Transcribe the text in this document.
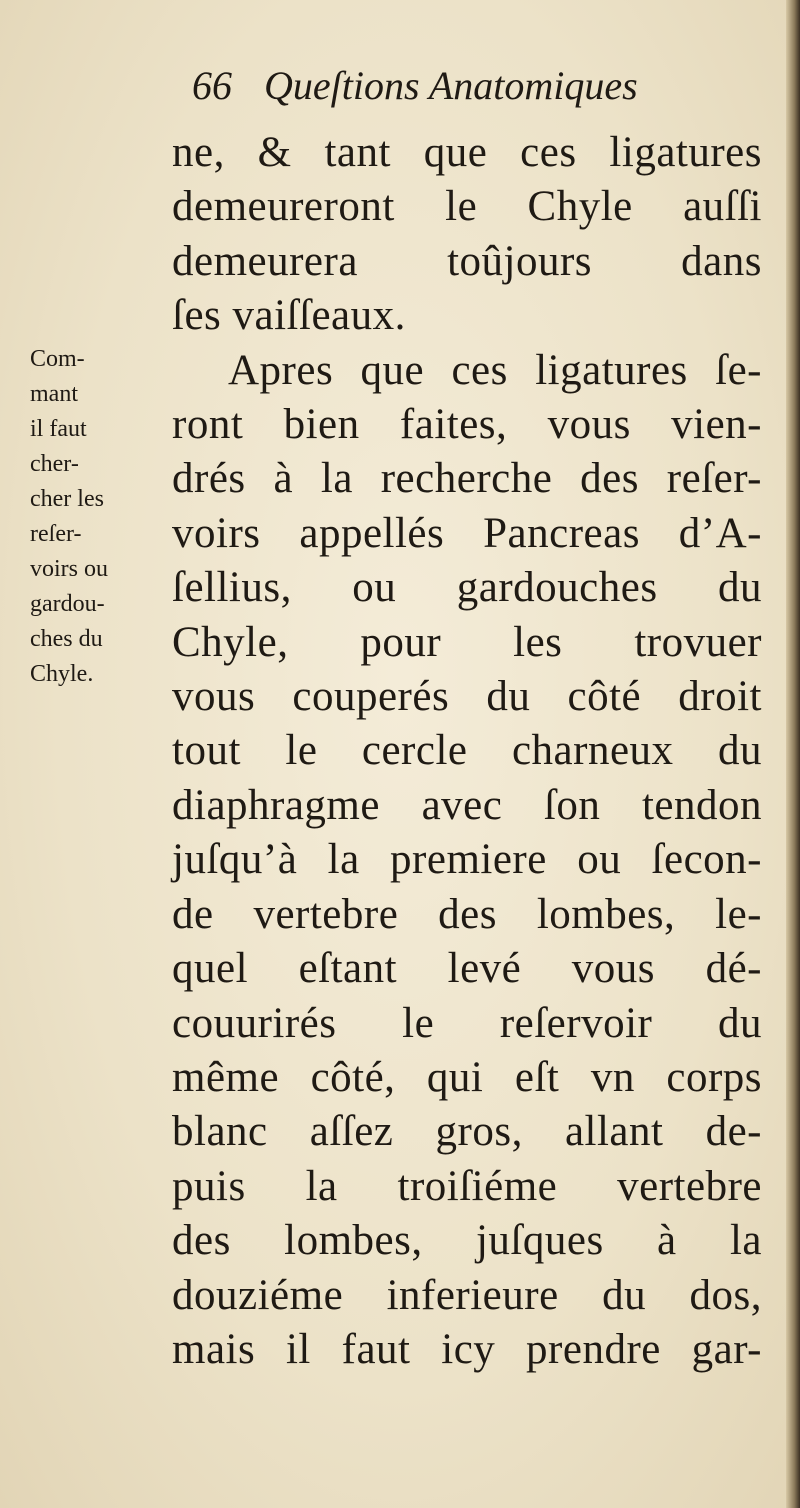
66 Queſtions Anatomiques
Com-
mant
il faut
cher-
cher les
reſer-
voirs ou
gardou-
ches du
Chyle.
ne, & tant que ces ligatures
demeureront le Chyle auſſi
demeurera toûjours dans
ſes vaiſſeaux.
Apres que ces ligatures ſe-
ront bien faites, vous vien-
drés à la recherche des reſer-
voirs appellés Pancreas d’A-
ſellius, ou gardouches du
Chyle, pour les trovuer
vous couperés du côté droit
tout le cercle charneux du
diaphragme avec ſon tendon
juſqu’à la premiere ou ſecon-
de vertebre des lombes, le-
quel eſtant levé vous dé-
couurirés le reſervoir du
même côté, qui eſt vn corps
blanc aſſez gros, allant de-
puis la troiſiéme vertebre
des lombes, juſques à la
douziéme inferieure du dos,
mais il faut icy prendre gar-
